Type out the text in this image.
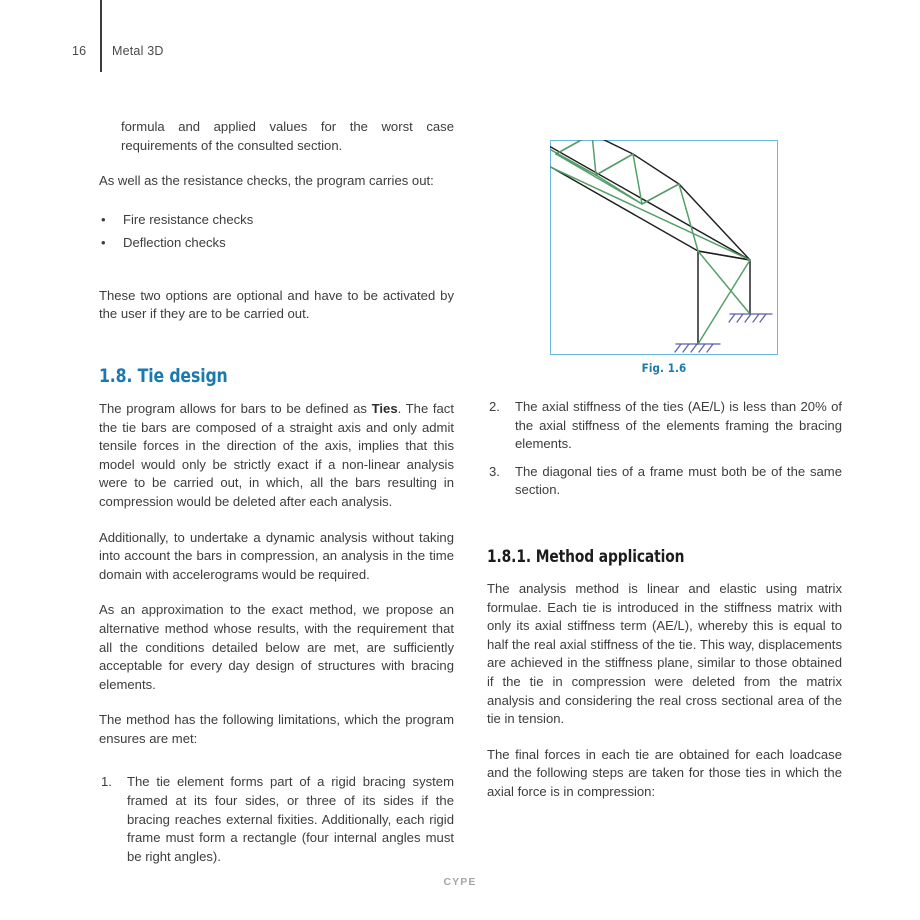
16 Metal 3D

formula and applied values for the worst case requirements of the consulted section.

As well as the resistance checks, the program carries out:

• Fire resistance checks
• Deflection checks

These two options are optional and have to be activated by the user if they are to be carried out.

1.8. Tie design

The program allows for bars to be defined as Ties. The fact the tie bars are composed of a straight axis and only admit tensile forces in the direction of the axis, implies that this model would only be strictly exact if a non-linear analysis were to be carried out, in which, all the bars resulting in compression would be deleted after each analysis.

Additionally, to undertake a dynamic analysis without taking into account the bars in compression, an analysis in the time domain with accelerograms would be required.

As an approximation to the exact method, we propose an alternative method whose results, with the requirement that all the conditions detailed below are met, are sufficiently acceptable for every day design of structures with bracing elements.

The method has the following limitations, which the program ensures are met:

1. The tie element forms part of a rigid bracing system framed at its four sides, or three of its sides if the bracing reaches external fixities. Additionally, each rigid frame must form a rectangle (four internal angles must be right angles).
Fig. 1.6
2. The axial stiffness of the ties (AE/L) is less than 20% of the axial stiffness of the elements framing the bracing elements.
3. The diagonal ties of a frame must both be of the same section.
1.8.1. Method application

The analysis method is linear and elastic using matrix formulae. Each tie is introduced in the stiffness matrix with only its axial stiffness term (AE/L), whereby this is equal to half the real axial stiffness of the tie. This way, displacements are achieved in the stiffness plane, similar to those obtained if the tie in compression were deleted from the matrix analysis and considering the real cross sectional area of the tie in tension.

The final forces in each tie are obtained for each loadcase and the following steps are taken for those ties in which the axial force is in compression:

CYPE
